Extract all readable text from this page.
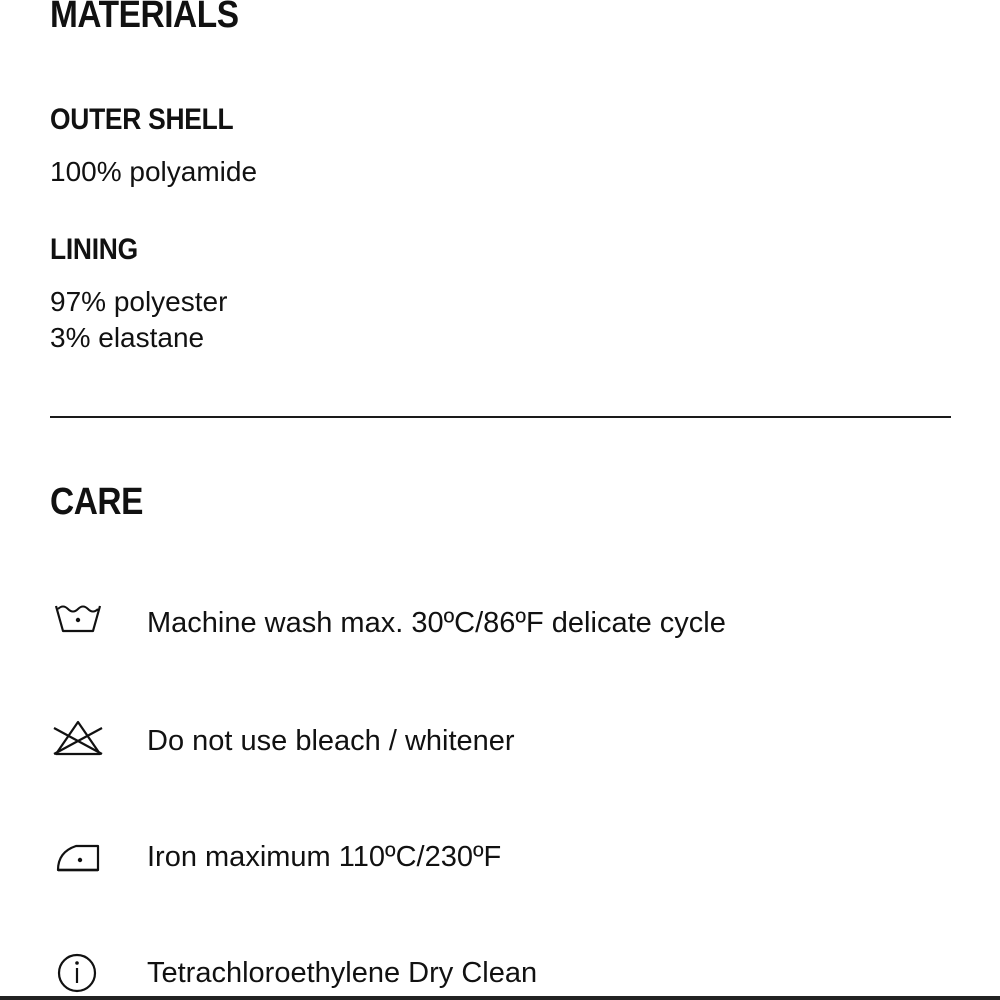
MATERIALS
OUTER SHELL

100% polyamide

LINING

97% polyester

3% elastane

CARE
Machine wash max. 30ºC/86ºF delicate cycle
Do not use bleach / whitener
Iron maximum 110ºC/230ºF
Tetrachloroethylene Dry Clean
